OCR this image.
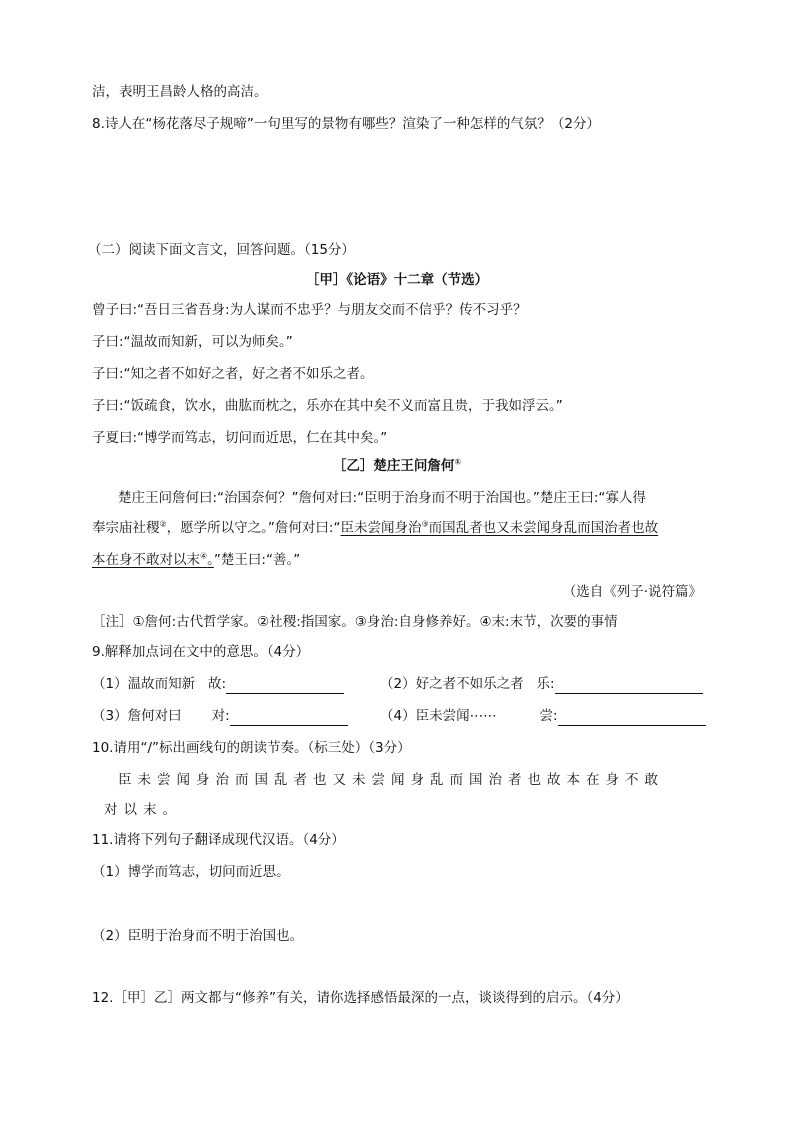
洁，表明王昌龄人格的高洁。
8.诗人在“杨花落尽子规啼”一句里写的景物有哪些？渲染了一种怎样的气氛？（2分）
（二）阅读下面文言文，回答问题。（15分）
［甲］《论语》十二章（节选）
曾子曰:“吾日三省吾身:为人谋而不忠乎？与朋友交而不信乎？传不习乎？
子曰:“温故而知新，可以为师矣。”
子曰:“知之者不如好之者，好之者不如乐之者。
子曰:“饭疏食，饮水，曲肱而枕之，乐亦在其中矣不义而富且贵，于我如浮云。”
子夏曰:“博学而笃志，切问而近思，仁在其中矣。”
［乙］楚庄王问詹何①
楚庄王问詹何曰:“治国奈何？”詹何对曰:“臣明于治身而不明于治国也。”楚庄王曰:“寡人得
奉宗庙社稷②，愿学所以守之。”詹何对曰:“臣未尝闻身治③而国乱者也又未尝闻身乱而国治者也故
本在身不敢对以末④。”楚王曰:“善。”
（选自《列子·说符篇》
［注］①詹何:古代哲学家。②社稷:指国家。③身治:自身修养好。④末:末节，次要的事情
9.解释加点词在文中的意思。（4分）
（1）温故而知新 故:	（2）好之者不如乐之者 乐:
（3）詹何对曰 对:	（4）臣未尝闻⋯⋯	尝:
10.请用“/”标出画线句的朗读节奏。（标三处）（3分）
臣未尝闻身治而国乱者也又未尝闻身乱而国治者也故本在身不敢
对以末。
11.请将下列句子翻译成现代汉语。（4分）
（1）博学而笃志，切问而近思。
（2）臣明于治身而不明于治国也。
12.［甲］乙］两文都与“修养”有关，请你选择感悟最深的一点，谈谈得到的启示。（4分）
